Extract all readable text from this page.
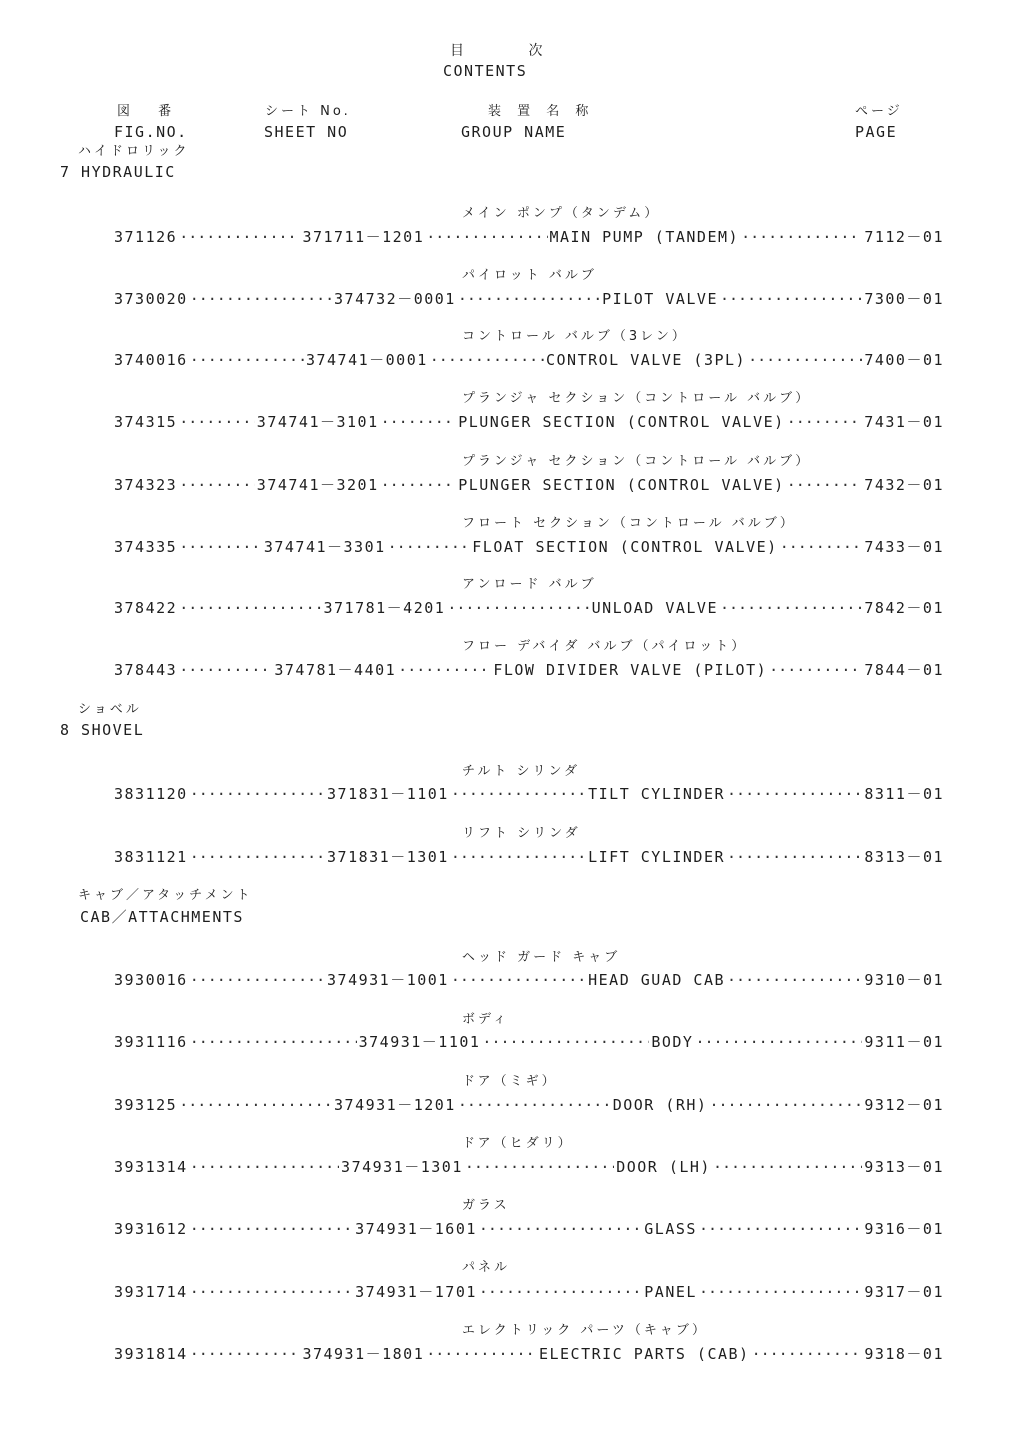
目 次
CONTENTS
図 番
FIG.NO.
シート No.
SHEET NO
装 置 名 称
GROUP NAME
ページ
PAGE
ハイドロリック
7 HYDRAULIC
メイン ポンプ（タンデム）
371126 ·····	371711－1201 ·····	MAIN PUMP (TANDEM) ·····	7112－01
パイロット バルブ
3730020 ·····	374732－0001 ·····	PILOT VALVE ·····	7300－01
コントロール バルブ（3レン）
3740016 ·····	374741－0001 ·····	CONTROL VALVE (3PL) ·····	7400－01
プランジャ セクション（コントロール バルブ）
374315 ·····	374741－3101 ·····	PLUNGER SECTION (CONTROL VALVE) ·····	7431－01
プランジャ セクション（コントロール バルブ）
374323 ·····	374741－3201 ·····	PLUNGER SECTION (CONTROL VALVE) ·····	7432－01
フロート セクション（コントロール バルブ）
374335 ·····	374741－3301 ·····	FLOAT SECTION (CONTROL VALVE) ·····	7433－01
アンロード バルブ
378422 ·····	371781－4201 ·····	UNLOAD VALVE ·····	7842－01
フロー デバイダ バルブ（パイロット）
378443 ·····	374781－4401 ·····	FLOW DIVIDER VALVE (PILOT) ·····	7844－01
ショベル
8 SHOVEL
チルト シリンダ
3831120 ·····	371831－1101 ·····	TILT CYLINDER ·····	8311－01
リフト シリンダ
3831121 ·····	371831－1301 ·····	LIFT CYLINDER ·····	8313－01
キャブ／アタッチメント
CAB／ATTACHMENTS
ヘッド ガード キャブ
3930016 ·····	374931－1001 ·····	HEAD GUAD CAB ·····	9310－01
ボディ
3931116 ·····	374931－1101 ·····	BODY ·····	9311－01
ドア（ミギ）
393125 ·····	374931－1201 ·····	DOOR (RH) ·····	9312－01
ドア（ヒダリ）
3931314 ·····	374931－1301 ·····	DOOR (LH) ·····	9313－01
ガラス
3931612 ·····	374931－1601 ·····	GLASS ·····	9316－01
パネル
3931714 ·····	374931－1701 ·····	PANEL ·····	9317－01
エレクトリック パーツ（キャブ）
3931814 ·····	374931－1801 ·····	ELECTRIC PARTS (CAB) ·····	9318－01
